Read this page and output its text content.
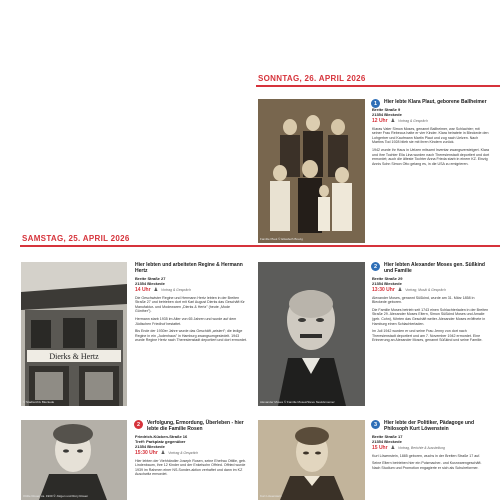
SONNTAG, 26. APRIL 2026
Familie Plaut © Elisabeth Brevig
1	Hier lebte Klara Plaut, geborene Ballheimer
Breite Straße 9
21354 Bleckede
12 Uhr ♟ Vortrag & Gespräch

Klaras Vater Simon Moses, genannt Ballheimer, war Schlachter; mit seiner Frau Rebecca hatte er vier Kinder. Klara heiratete in Bleckede den Lohgerber und Kaufmann Martin Plaut und zog nach Uelzen. Nach Martins Tod 1928 blieb sie mit ihren Kindern zurück.

1942 wurde ihr Haus in Uelzen mitsamt Inventar zwangsversteigert. Klara und ihre Tochter Ella Lina wurden nach Theresienstadt deportiert und dort ermordet; auch die älteste Tochter Anna Frieda starb in einem KZ. Einzig Annis Sohn Simon Otto gelang es, in die USA zu emigrieren.

SAMSTAG, 25. APRIL 2026
Dierks & Hertz
© Stadtarchiv Bleckede
Hier lebten und arbeiteten Regine & Hermann Hertz
Breite Straße 27
21354 Bleckede
14 Uhr ♟ Vortrag & Gespräch

Die Geschwister Regine und Hermann Hertz lebten in der Breiten Straße 27 und betrieben dort mit Karl August Dierks das Geschäft für Manufaktur- und Modewaren „Dierks & Hertz" (heute „Mode Günther").

Hermann starb 1935 im Alter von 65 Jahren und wurde auf dem Jüdischen Friedhof bestattet.

Bis Ende der 1930er Jahre wurde das Geschäft „arisiert"; die ledige Regine in ein „Judenhaus" in Hamburg zwangsumgesiedelt. 1943 wurde Regine Hertz nach Theresienstadt deportiert und dort ermordet.

Alexander Moses © Familie Moses/Steve Neukönnemer
2	Hier lebten Alexander Moses gen. Süßkind und Familie
Breite Straße 29
21354 Bleckede
13:30 Uhr ♟ Vortrag, Musik & Gespräch

Alexander Moses, genannt Süßkind, wurde am 31. März 1858 in Bleckede geboren.

Die Familie Moses betrieb seit 1743 einen Schlachterladen in der Breiten Straße 29. Alexander Moses Eltern, Simon Süßkind Moses und Amalie (geb. Cohn), führten das Geschäft weiter. Alexander Moses eröffnete in Hamburg einen Schlachterladen.

Im Juli 1942 wurden er und seine Frau Jenny von dort nach Theresienstadt deportiert und am 7. November 1942 ermordet. Eine Erinnerung an Alexander Moses, genannt Süßkind und seine Familie.

Ottilie Rosen ca. 1930 © Jürgen und Rory Rosen
2	Verfolgung, Ermordung, Überleben - hier lebte die Familie Rosen
Friedrich-Kücken-Straße 16
Treff: Parkplatz gegenüber
21354 Bleckede
15:30 Uhr ♟ Vortrag & Gespräch

Hier lebten der Viehhändler Joseph Rosen, seine Ehefrau Ottilie, geb. Lindenbaum, ihre 12 Kinder und der Enkelsohn Offried. Offried wurde 1939 im Rahmen einer NS-Sonder-aktion verhaftet und dann im KZ Auschwitz ermordet.

Kurt Löwenstein
3	Hier lebte der Politiker, Pädagoge und Philosoph Kurt Löwenstein
Breite Straße 17
21354 Bleckede
15 Uhr ♟ Vortrag, Berichte & Ausstellung

Kurt Löwenstein, 1885 geboren, wuchs in der Breiten Straße 17 auf.

Seine Eltern betrieben hier ein Putzmacher- und Kurzwarengeschäft. Nach Studium und Promotion engagierte er sich als Schulreformer.
